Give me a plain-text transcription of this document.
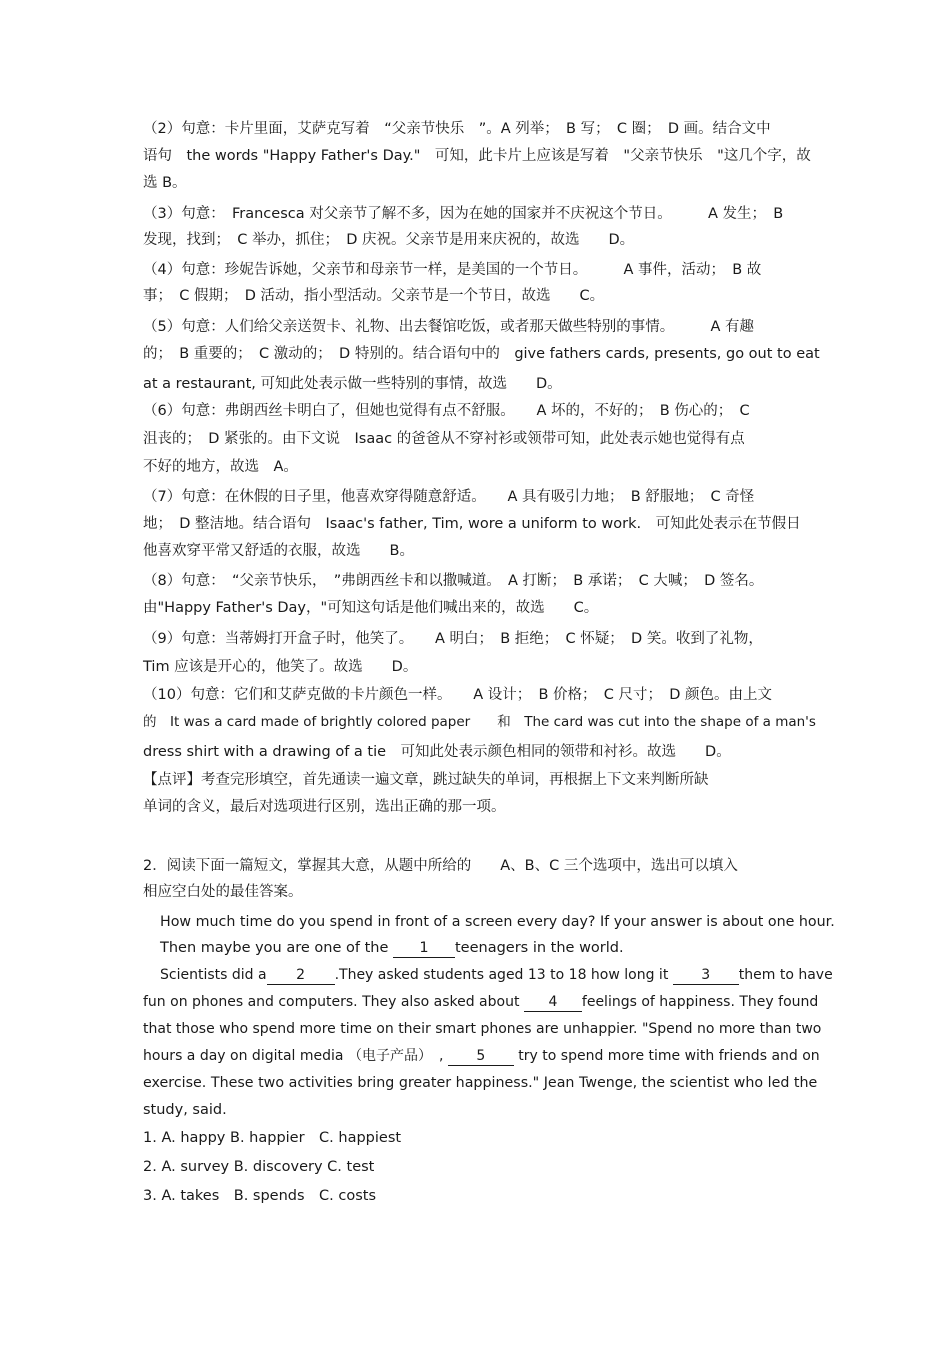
（2）句意：卡片里面，艾萨克写着　“父亲节快乐　”。A 列举；　B 写；　C 圈；　D 画。结合文中
语句　the words "Happy Father's Day."　可知，此卡片上应该是写着　"父亲节快乐　"这几个字，故
选 B。
（3）句意：　Francesca 对父亲节了解不多，因为在她的国家并不庆祝这个节日。　　　A 发生；　B
发现，找到；　C 举办，抓住；　D 庆祝。父亲节是用来庆祝的，故选　　D。
（4）句意：珍妮告诉她，父亲节和母亲节一样，是美国的一个节日。　　　A 事件，活动；　B 故
事；　C 假期；　D 活动，指小型活动。父亲节是一个节日，故选　　C。
（5）句意：人们给父亲送贺卡、礼物、出去餐馆吃饭，或者那天做些特别的事情。　　　A 有趣
的；　B 重要的；　C 激动的；　D 特别的。结合语句中的　give fathers cards, presents, go out to eat
at a restaurant, 可知此处表示做一些特别的事情，故选　　D。
（6）句意：弗朗西丝卡明白了，但她也觉得有点不舒服。　　A 坏的，不好的；　B 伤心的；　C
沮丧的；　D 紧张的。由下文说　Isaac 的爸爸从不穿衬衫或领带可知，此处表示她也觉得有点
不好的地方，故选　A。
（7）句意：在休假的日子里，他喜欢穿得随意舒适。　　A 具有吸引力地；　B 舒服地；　C 奇怪
地；　D 整洁地。结合语句　Isaac's father, Tim, wore a uniform to work.　可知此处表示在节假日
他喜欢穿平常又舒适的衣服，故选　　B。
（8）句意：　“父亲节快乐，　”弗朗西丝卡和以撒喊道。　A 打断；　B 承诺；　C 大喊；　D 签名。
由"Happy Father's Day，"可知这句话是他们喊出来的，故选　　C。
（9）句意：当蒂姆打开盒子时，他笑了。　　A 明白；　B 拒绝；　C 怀疑；　D 笑。收到了礼物，
Tim 应该是开心的，他笑了。故选　　D。
（10）句意：它们和艾萨克做的卡片颜色一样。　　A 设计；　B 价格；　C 尺寸；　D 颜色。由上文
的　It was a card made of brightly colored paper　　和　The card was cut into the shape of a man's
dress shirt with a drawing of a tie　可知此处表示颜色相同的领带和衬衫。故选　　D。
【点评】考查完形填空，首先通读一遍文章，跳过缺失的单词，再根据上下文来判断所缺
单词的含义，最后对选项进行区别，选出正确的那一项。
2．阅读下面一篇短文，掌握其大意，从题中所给的　　A、B、C 三个选项中，选出可以填入
相应空白处的最佳答案。
How much time do you spend in front of a screen every day? If your answer is about one hour.
Then maybe you are one of the 1 teenagers in the world.
Scientists did a 2 .They asked students aged 13 to 18 how long it 3 them to have
fun on phones and computers. They also asked about 4 feelings of happiness. They found
that those who spend more time on their smart phones are unhappier. "Spend no more than two
hours a day on digital media （电子产品）　, 5 try to spend more time with friends and on
exercise. These two activities bring greater happiness." Jean Twenge, the scientist who led the
study, said.
1. A. happy B. happier　C. happiest
2. A. survey B. discovery C. test
3. A. takes　B. spends　C. costs
